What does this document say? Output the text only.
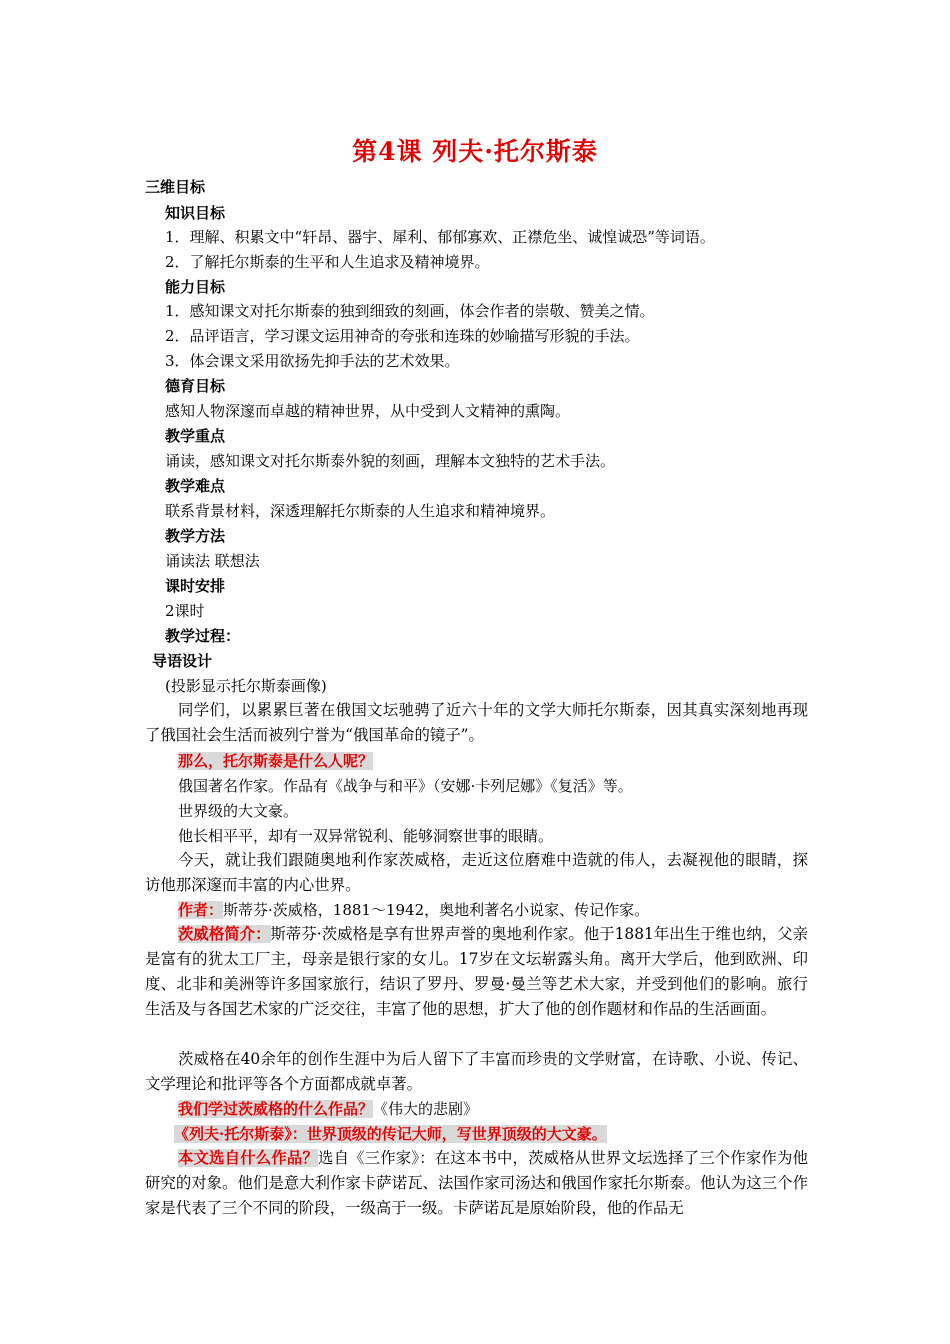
第4课 列夫·托尔斯泰
三维目标
知识目标
1．理解、积累文中“轩昂、器宇、犀利、郁郁寡欢、正襟危坐、诚惶诚恐”等词语。
2．了解托尔斯泰的生平和人生追求及精神境界。
能力目标
1．感知课文对托尔斯泰的独到细致的刻画，体会作者的崇敬、赞美之情。
2．品评语言，学习课文运用神奇的夸张和连珠的妙喻描写形貌的手法。
3．体会课文采用欲扬先抑手法的艺术效果。
德育目标
感知人物深邃而卓越的精神世界，从中受到人文精神的熏陶。
教学重点
诵读，感知课文对托尔斯泰外貌的刻画，理解本文独特的艺术手法。
教学难点
联系背景材料，深透理解托尔斯泰的人生追求和精神境界。
教学方法
诵读法 联想法
课时安排
2课时
教学过程：
导语设计
(投影显示托尔斯泰画像)
同学们，以累累巨著在俄国文坛驰骋了近六十年的文学大师托尔斯泰，因其真实深刻地再现了俄国社会生活而被列宁誉为“俄国革命的镜子”。
那么，托尔斯泰是什么人呢？
俄国著名作家。作品有《战争与和平》（安娜·卡列尼娜》《复活》等。
世界级的大文豪。
他长相平平，却有一双异常锐利、能够洞察世事的眼睛。
今天，就让我们跟随奥地利作家茨威格，走近这位磨难中造就的伟人，去凝视他的眼睛，探访他那深邃而丰富的内心世界。
作者：斯蒂芬·茨威格，1881～1942，奥地利著名小说家、传记作家。
茨威格简介：斯蒂芬·茨威格是享有世界声誉的奥地利作家。他于1881年出生于维也纳，父亲是富有的犹太工厂主，母亲是银行家的女儿。17岁在文坛崭露头角。离开大学后，他到欧洲、印度、北非和美洲等许多国家旅行，结识了罗丹、罗曼·曼兰等艺术大家，并受到他们的影响。旅行生活及与各国艺术家的广泛交往，丰富了他的思想，扩大了他的创作题材和作品的生活画面。
茨威格在40余年的创作生涯中为后人留下了丰富而珍贵的文学财富，在诗歌、小说、传记、文学理论和批评等各个方面都成就卓著。
我们学过茨威格的什么作品？《伟大的悲剧》
《列夫·托尔斯泰》：世界顶级的传记大师，写世界顶级的大文豪。
本文选自什么作品？选自《三作家》：在这本书中，茨威格从世界文坛选择了三个作家作为他研究的对象。他们是意大利作家卡萨诺瓦、法国作家司汤达和俄国作家托尔斯泰。他认为这三个作家是代表了三个不同的阶段，一级高于一级。卡萨诺瓦是原始阶段，他的作品无
